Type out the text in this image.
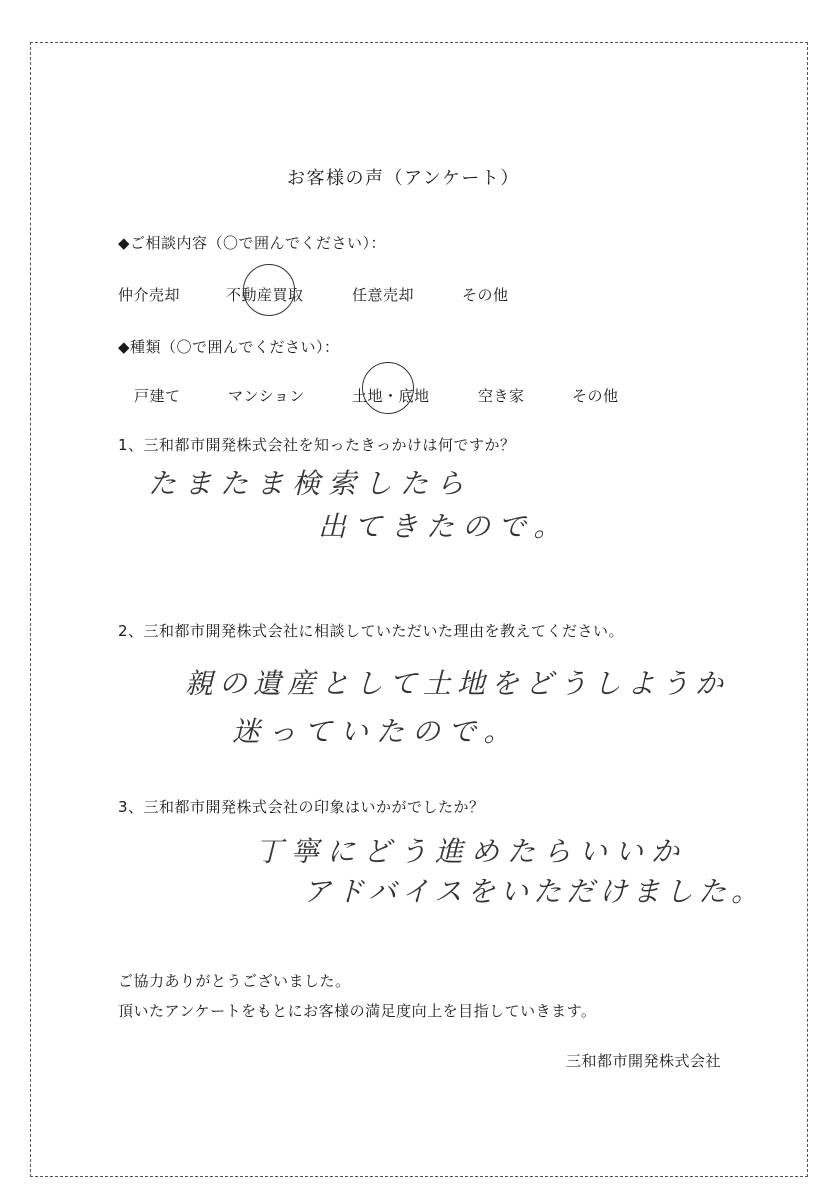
お客様の声（アンケート）
◆ご相談内容（〇で囲んでください）：
仲介売却	不動産買取	任意売却	その他
◆種類（〇で囲んでください）：
戸建て	マンション	土地・底地	空き家	その他
1、三和都市開発株式会社を知ったきっかけは何ですか？
たまたま検索したら
出てきたので。
2、三和都市開発株式会社に相談していただいた理由を教えてください。
親の遺産として土地をどうしようか
迷っていたので。
3、三和都市開発株式会社の印象はいかがでしたか？
丁寧にどう進めたらいいか
アドバイスをいただけました。
ご協力ありがとうございました。
頂いたアンケートをもとにお客様の満足度向上を目指していきます。
三和都市開発株式会社
